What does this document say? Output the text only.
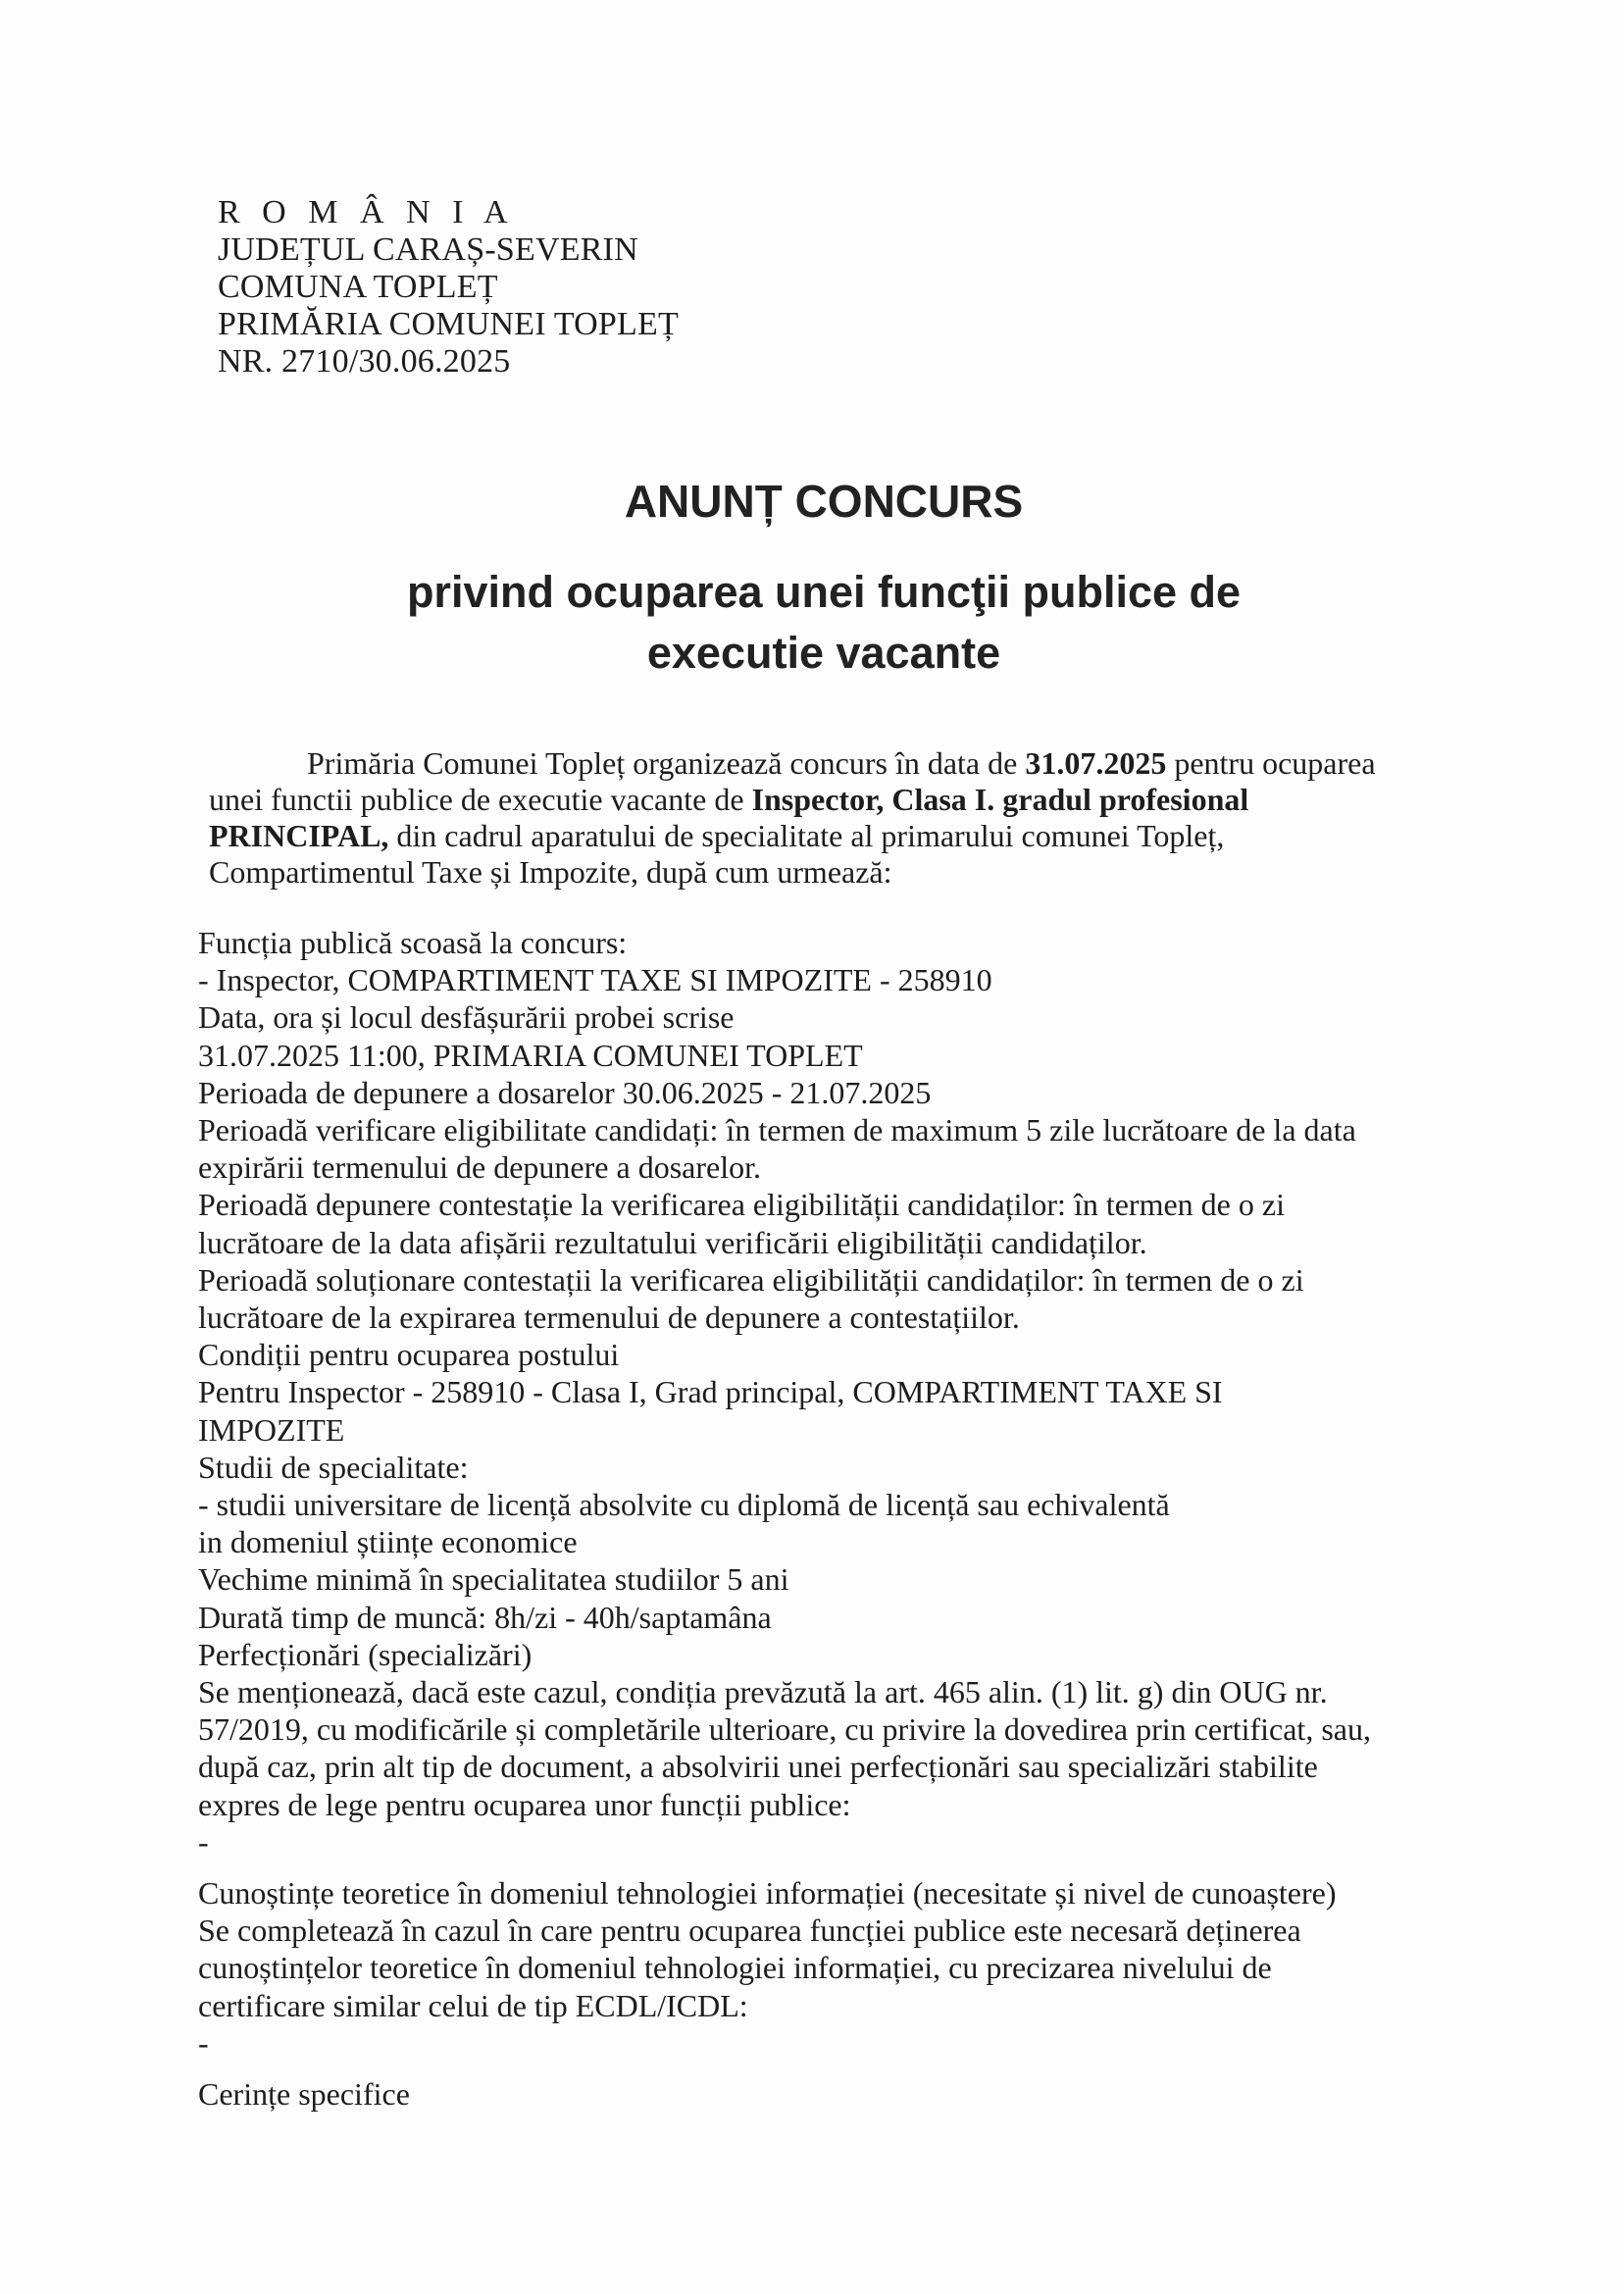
R O M Â N I A
JUDEȚUL CARAȘ-SEVERIN
COMUNA TOPLEȚ
PRIMĂRIA COMUNEI TOPLEȚ
NR. 2710/30.06.2025
ANUNȚ CONCURS
privind ocuparea unei funcţii publice de
executie vacante
Primăria Comunei Topleț organizează concurs în data de 31.07.2025 pentru ocuparea
unei functii publice de executie vacante de Inspector, Clasa I. gradul profesional
PRINCIPAL, din cadrul aparatului de specialitate al primarului comunei Topleț,
Compartimentul Taxe și Impozite, după cum urmează:
Funcția publică scoasă la concurs:
- Inspector, COMPARTIMENT TAXE SI IMPOZITE - 258910
Data, ora și locul desfășurării probei scrise
31.07.2025 11:00, PRIMARIA COMUNEI TOPLET
Perioada de depunere a dosarelor 30.06.2025 - 21.07.2025
Perioadă verificare eligibilitate candidați: în termen de maximum 5 zile lucrătoare de la data
expirării termenului de depunere a dosarelor.
Perioadă depunere contestație la verificarea eligibilității candidaților: în termen de o zi
lucrătoare de la data afișării rezultatului verificării eligibilității candidaților.
Perioadă soluționare contestații la verificarea eligibilității candidaților: în termen de o zi
lucrătoare de la expirarea termenului de depunere a contestațiilor.
Condiții pentru ocuparea postului
Pentru Inspector - 258910 - Clasa I, Grad principal, COMPARTIMENT TAXE SI
IMPOZITE
Studii de specialitate:
- studii universitare de licență absolvite cu diplomă de licență sau echivalentă
in domeniul științe economice
Vechime minimă în specialitatea studiilor 5 ani
Durată timp de muncă: 8h/zi - 40h/saptamâna
Perfecționări (specializări)
Se menționează, dacă este cazul, condiția prevăzută la art. 465 alin. (1) lit. g) din OUG nr.
57/2019, cu modificările și completările ulterioare, cu privire la dovedirea prin certificat, sau,
după caz, prin alt tip de document, a absolvirii unei perfecționări sau specializări stabilite
expres de lege pentru ocuparea unor funcții publice:
-
Cunoștințe teoretice în domeniul tehnologiei informației (necesitate și nivel de cunoaștere)
Se completează în cazul în care pentru ocuparea funcției publice este necesară deținerea
cunoștințelor teoretice în domeniul tehnologiei informației, cu precizarea nivelului de
certificare similar celui de tip ECDL/ICDL:
-
Cerințe specifice
